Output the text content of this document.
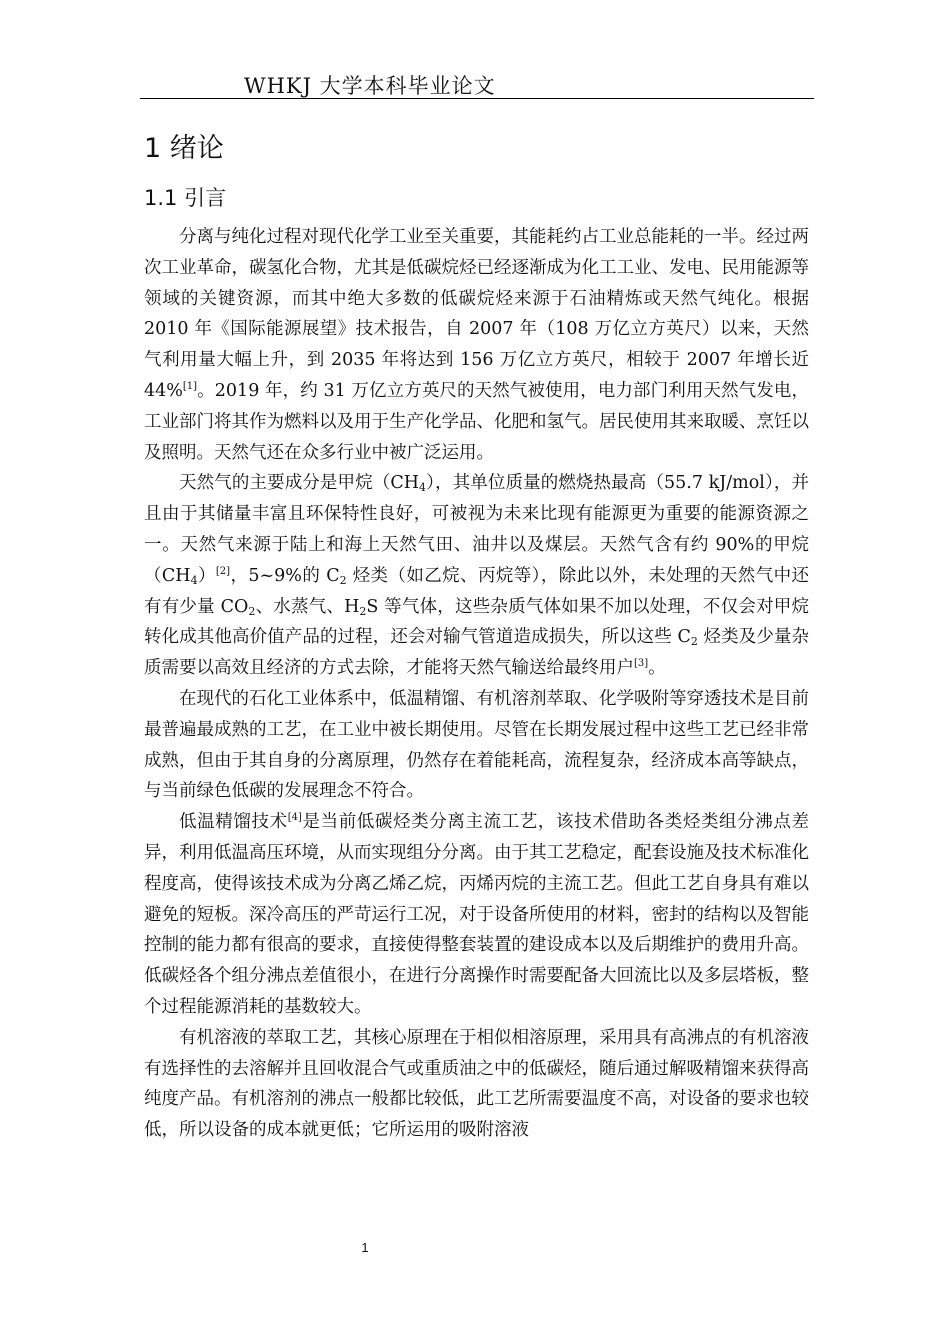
WHKJ 大学本科毕业论文
1 绪论
1.1 引言

分离与纯化过程对现代化学工业至关重要，其能耗约占工业总能耗的一半。经过两次工业革命，碳氢化合物，尤其是低碳烷烃已经逐渐成为化工工业、发电、民用能源等领域的关键资源，而其中绝大多数的低碳烷烃来源于石油精炼或天然气纯化。根据 2010 年《国际能源展望》技术报告，自 2007 年（108 万亿立方英尺）以来，天然气利用量大幅上升，到 2035 年将达到 156 万亿立方英尺，相较于 2007 年增长近 44%[1]。2019 年，约 31 万亿立方英尺的天然气被使用，电力部门利用天然气发电，工业部门将其作为燃料以及用于生产化学品、化肥和氢气。居民使用其来取暖、烹饪以及照明。天然气还在众多行业中被广泛运用。

天然气的主要成分是甲烷$(CH_4)$，其单位质量的燃烧热最高（55.7 kJ/mol），并且由于其储量丰富且环保特性良好，可被视为未来比现有能源更为重要的能源资源之一。天然气来源于陆上和海上天然气田、油井以及煤层。天然气含有约 90%的甲烷$(CH_4)[2]$，5~9%的 $C_2$ 烃类（如乙烷、丙烷等），除此以外，未处理的天然气中还有有少量 $CO_2$、水蒸气、$H_2S$ 等气体，这些杂质气体如果不加以处理，不仅会对甲烷转化成其他高价值产品的过程，还会对输气管道造成损失，所以这些 $C_2$ 烃类及少量杂质需要以高效且经济的方式去除，才能将天然气输送给最终用户[3]。

在现代的石化工业体系中，低温精馏、有机溶剂萃取、化学吸附等穿透技术是目前最普遍最成熟的工艺，在工业中被长期使用。尽管在长期发展过程中这些工艺已经非常成熟，但由于其自身的分离原理，仍然存在着能耗高，流程复杂，经济成本高等缺点，与当前绿色低碳的发展理念不符合。

低温精馏技术[4]是当前低碳烃类分离主流工艺，该技术借助各类烃类组分沸点差异，利用低温高压环境，从而实现组分分离。由于其工艺稳定，配套设施及技术标准化程度高，使得该技术成为分离乙烯乙烷，丙烯丙烷的主流工艺。但此工艺自身具有难以避免的短板。深冷高压的严苛运行工况，对于设备所使用的材料，密封的结构以及智能控制的能力都有很高的要求，直接使得整套装置的建设成本以及后期维护的费用升高。低碳烃各个组分沸点差值很小，在进行分离操作时需要配备大回流比以及多层塔板，整个过程能源消耗的基数较大。

有机溶液的萃取工艺，其核心原理在于相似相溶原理，采用具有高沸点的有机溶液有选择性的去溶解并且回收混合气或重质油之中的低碳烃，随后通过解吸精馏来获得高纯度产品。有机溶剂的沸点一般都比较低，此工艺所需要温度不高，对设备的要求也较低，所以设备的成本就更低；它所运用的吸附溶液

1
